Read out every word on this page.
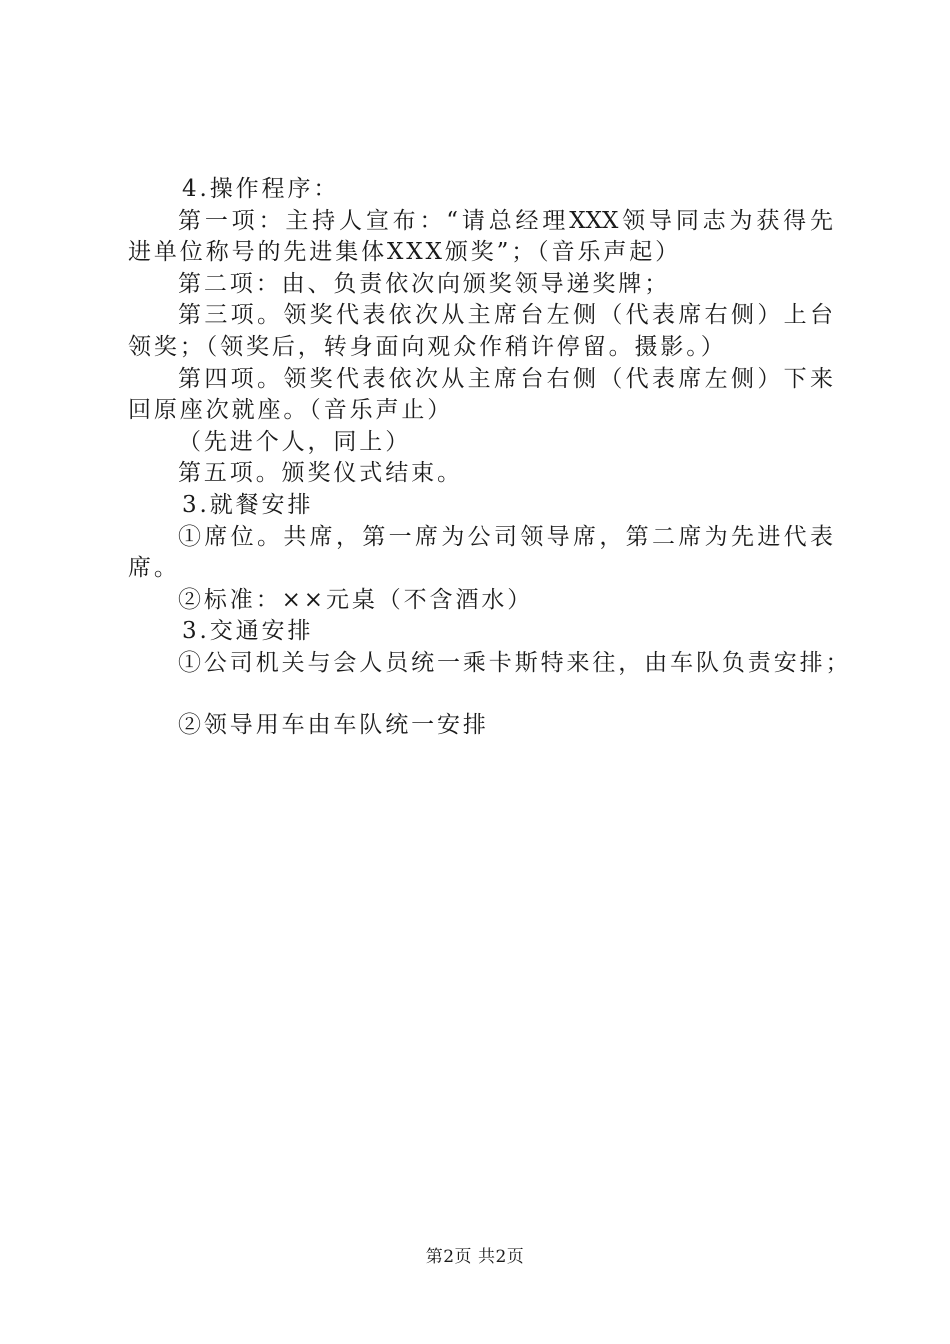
4.操作程序：
第一项：主持人宣布：“请总经理XXX领导同志为获得先
进单位称号的先进集体XXX颁奖”；（音乐声起）
第二项：由、负责依次向颁奖领导递奖牌；
第三项。领奖代表依次从主席台左侧（代表席右侧）上台
领奖；（领奖后，转身面向观众作稍许停留。摄影。）
第四项。领奖代表依次从主席台右侧（代表席左侧）下来
回原座次就座。（音乐声止）
（先进个人，同上）
第五项。颁奖仪式结束。
3.就餐安排
①席位。共席，第一席为公司领导席，第二席为先进代表
席。
②标准：××元桌（不含酒水）
3.交通安排
①公司机关与会人员统一乘卡斯特来往，由车队负责安排；
②领导用车由车队统一安排
第2页 共2页
